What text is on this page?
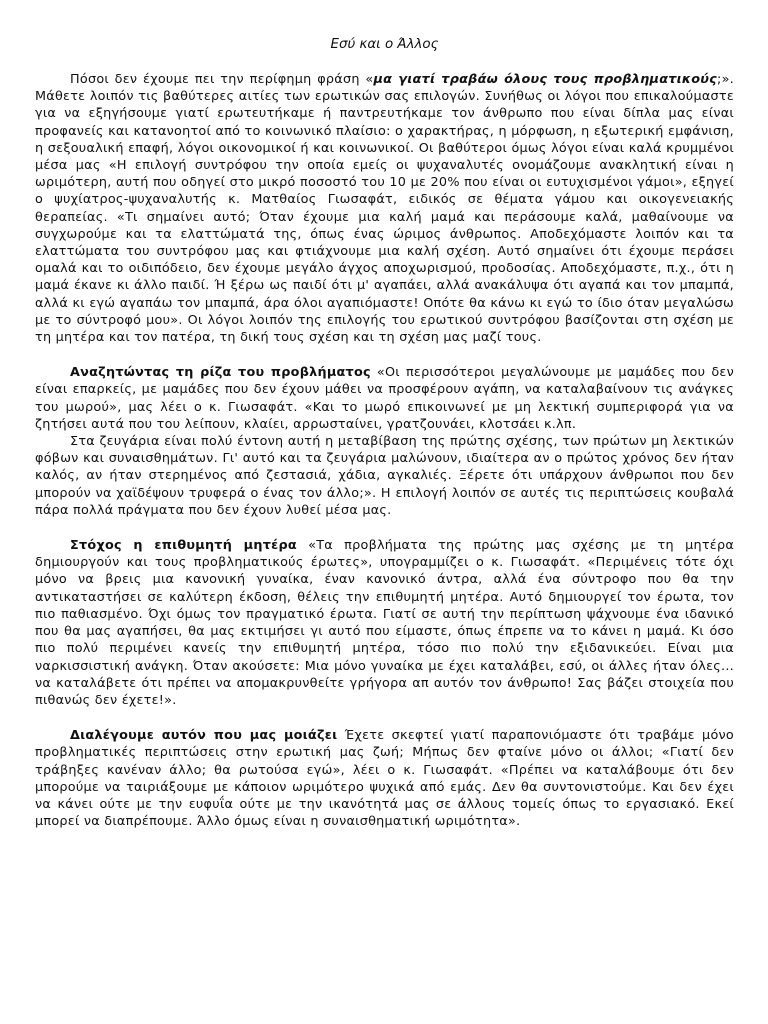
Εσύ και ο Άλλος

Πόσοι δεν έχουμε πει την περίφημη φράση «μα γιατί τραβάω όλους τους προβληματικούς;». Μάθετε λοιπόν τις βαθύτερες αιτίες των ερωτικών σας επιλογών. Συνήθως οι λόγοι που επικαλούμαστε για να εξηγήσουμε γιατί ερωτευτήκαμε ή παντρευτήκαμε τον άνθρωπο που είναι δίπλα μας είναι προφανείς και κατανοητοί από το κοινωνικό πλαίσιο: ο χαρακτήρας, η μόρφωση, η εξωτερική εμφάνιση, η σεξουαλική επαφή, λόγοι οικονομικοί ή και κοινωνικοί. Οι βαθύτεροι όμως λόγοι είναι καλά κρυμμένοι μέσα μας «Η επιλογή συντρόφου την οποία εμείς οι ψυχαναλυτές ονομάζουμε ανακλητική είναι η ωριμότερη, αυτή που οδηγεί στο μικρό ποσοστό του 10 με 20% που είναι οι ευτυχισμένοι γάμοι», εξηγεί ο ψυχίατρος-ψυχαναλυτής κ. Ματθαίος Γιωσαφάτ, ειδικός σε θέματα γάμου και οικογενειακής θεραπείας. «Τι σημαίνει αυτό; Όταν έχουμε μια καλή μαμά και περάσουμε καλά, μαθαίνουμε να συγχωρούμε και τα ελαττώματά της, όπως ένας ώριμος άνθρωπος. Αποδεχόμαστε λοιπόν και τα ελαττώματα του συντρόφου μας και φτιάχνουμε μια καλή σχέση. Αυτό σημαίνει ότι έχουμε περάσει ομαλά και το οιδιπόδειο, δεν έχουμε μεγάλο άγχος αποχωρισμού, προδοσίας. Αποδεχόμαστε, π.χ., ότι η μαμά έκανε κι άλλο παιδί. Ή ξέρω ως παιδί ότι μ' αγαπάει, αλλά ανακάλυψα ότι αγαπά και τον μπαμπά, αλλά κι εγώ αγαπάω τον μπαμπά, άρα όλοι αγαπιόμαστε! Οπότε θα κάνω κι εγώ το ίδιο όταν μεγαλώσω με το σύντροφό μου». Οι λόγοι λοιπόν της επιλογής του ερωτικού συντρόφου βασίζονται στη σχέση με τη μητέρα και τον πατέρα, τη δική τους σχέση και τη σχέση μας μαζί τους.

Αναζητώντας τη ρίζα του προβλήματος «Οι περισσότεροι μεγαλώνουμε με μαμάδες που δεν είναι επαρκείς, με μαμάδες που δεν έχουν μάθει να προσφέρουν αγάπη, να καταλαβαίνουν τις ανάγκες του μωρού», μας λέει ο κ. Γιωσαφάτ. «Και το μωρό επικοινωνεί με μη λεκτική συμπεριφορά για να ζητήσει αυτά που του λείπουν, κλαίει, αρρωσταίνει, γρατζουνάει, κλοτσάει κ.λπ.

Στα ζευγάρια είναι πολύ έντονη αυτή η μεταβίβαση της πρώτης σχέσης, των πρώτων μη λεκτικών φόβων και συναισθημάτων. Γι' αυτό και τα ζευγάρια μαλώνουν, ιδιαίτερα αν ο πρώτος χρόνος δεν ήταν καλός, αν ήταν στερημένος από ζεστασιά, χάδια, αγκαλιές. Ξέρετε ότι υπάρχουν άνθρωποι που δεν μπορούν να χαϊδέψουν τρυφερά ο ένας τον άλλο;». Η επιλογή λοιπόν σε αυτές τις περιπτώσεις κουβαλά πάρα πολλά πράγματα που δεν έχουν λυθεί μέσα μας.

Στόχος η επιθυμητή μητέρα «Τα προβλήματα της πρώτης μας σχέσης με τη μητέρα δημιουργούν και τους προβληματικούς έρωτες», υπογραμμίζει ο κ. Γιωσαφάτ. «Περιμένεις τότε όχι μόνο να βρεις μια κανονική γυναίκα, έναν κανονικό άντρα, αλλά ένα σύντροφο που θα την αντικαταστήσει σε καλύτερη έκδοση, θέλεις την επιθυμητή μητέρα. Αυτό δημιουργεί τον έρωτα, τον πιο παθιασμένο. Όχι όμως τον πραγματικό έρωτα. Γιατί σε αυτή την περίπτωση ψάχνουμε ένα ιδανικό που θα μας αγαπήσει, θα μας εκτιμήσει γι αυτό που είμαστε, όπως έπρεπε να το κάνει η μαμά. Κι όσο πιο πολύ περιμένει κανείς την επιθυμητή μητέρα, τόσο πιο πολύ την εξιδανικεύει. Είναι μια ναρκισσιστική ανάγκη. Όταν ακούσετε: Μια μόνο γυναίκα με έχει καταλάβει, εσύ, οι άλλες ήταν όλες... να καταλάβετε ότι πρέπει να απομακρυνθείτε γρήγορα απ αυτόν τον άνθρωπο! Σας βάζει στοιχεία που πιθανώς δεν έχετε!».

Διαλέγουμε αυτόν που μας μοιάζει Έχετε σκεφτεί γιατί παραπονιόμαστε ότι τραβάμε μόνο προβληματικές περιπτώσεις στην ερωτική μας ζωή; Μήπως δεν φταίνε μόνο οι άλλοι; «Γιατί δεν τράβηξες κανέναν άλλο; θα ρωτούσα εγώ», λέει ο κ. Γιωσαφάτ. «Πρέπει να καταλάβουμε ότι δεν μπορούμε να ταιριάξουμε με κάποιον ωριμότερο ψυχικά από εμάς. Δεν θα συντονιστούμε. Και δεν έχει να κάνει ούτε με την ευφυΐα ούτε με την ικανότητά μας σε άλλους τομείς όπως το εργασιακό. Εκεί μπορεί να διαπρέπουμε. Άλλο όμως είναι η συναισθηματική ωριμότητα».
